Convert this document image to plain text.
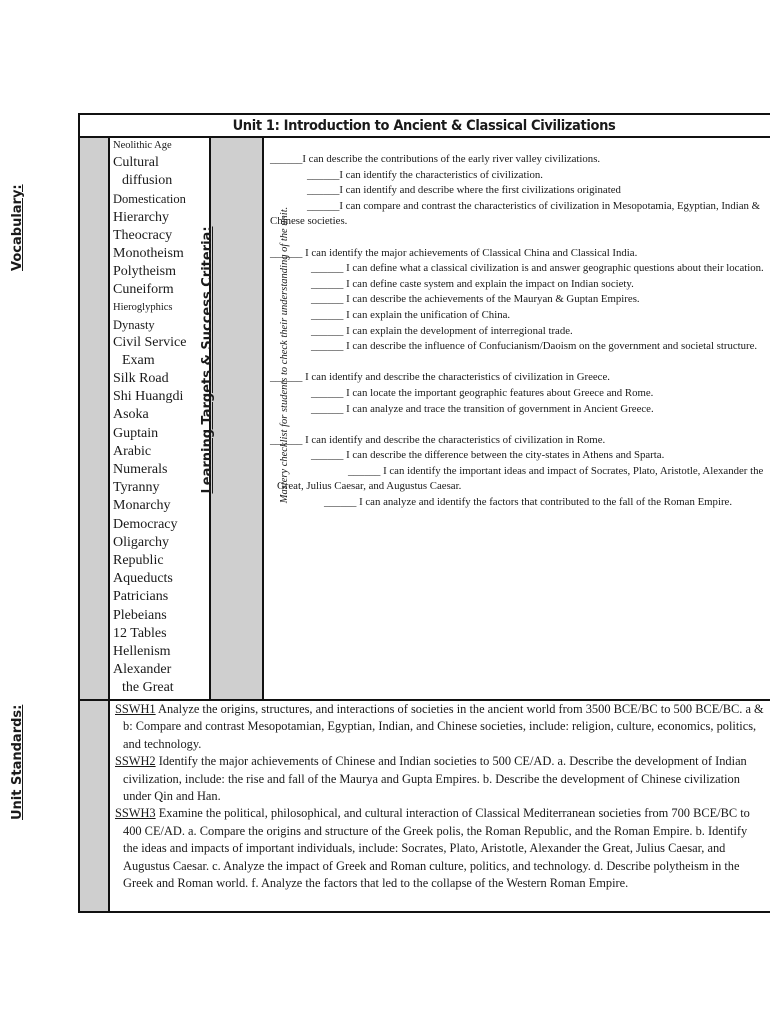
Unit 1: Introduction to Ancient & Classical Civilizations
Vocabulary:	Learning Targets & Success Criteria:	Mastery checklist for students to check their understanding of the unit.
Unit Standards:
Neolithic Age
Cultural
diffusion
Domestication
Hierarchy
Theocracy
Monotheism
Polytheism
Cuneiform
Hieroglyphics
Dynasty
Civil Service
Exam
Silk Road
Shi Huangdi
Asoka
Guptain
Arabic
Numerals
Tyranny
Monarchy
Democracy
Oligarchy
Republic
Aqueducts
Patricians
Plebeians
12 Tables
Hellenism
Alexander
the Great
______I can describe the contributions of the early river valley civilizations.
______I can identify the characteristics of civilization.
______I can identify and describe where the first civilizations originated
______I can compare and contrast the characteristics of civilization in Mesopotamia, Egyptian, Indian & Chinese societies.
______ I can identify the major achievements of Classical China and Classical India.
______ I can define what a classical civilization is and answer geographic questions about their location.
______ I can define caste system and explain the impact on Indian society.
______ I can describe the achievements of the Mauryan & Guptan Empires.
______ I can explain the unification of China.
______ I can explain the development of interregional trade.
______ I can describe the influence of Confucianism/Daoism on the government and societal structure.
______ I can identify and describe the characteristics of civilization in Greece.
______ I can locate the important geographic features about Greece and Rome.
______ I can analyze and trace the transition of government in Ancient Greece.
______ I can identify and describe the characteristics of civilization in Rome.
______ I can describe the difference between the city-states in Athens and Sparta.
______ I can identify the important ideas and impact of Socrates, Plato, Aristotle, Alexander the Great, Julius Caesar, and Augustus Caesar.
______ I can analyze and identify the factors that contributed to the fall of the Roman Empire.

SSWH1 Analyze the origins, structures, and interactions of societies in the ancient world from 3500 BCE/BC to 500 BCE/BC. a & b: Compare and contrast Mesopotamian, Egyptian, Indian, and Chinese societies, include: religion, culture, economics, politics, and technology.

SSWH2 Identify the major achievements of Chinese and Indian societies to 500 CE/AD. a. Describe the development of Indian civilization, include: the rise and fall of the Maurya and Gupta Empires. b. Describe the development of Chinese civilization under Qin and Han.

SSWH3 Examine the political, philosophical, and cultural interaction of Classical Mediterranean societies from 700 BCE/BC to 400 CE/AD. a. Compare the origins and structure of the Greek polis, the Roman Republic, and the Roman Empire. b. Identify the ideas and impacts of important individuals, include: Socrates, Plato, Aristotle, Alexander the Great, Julius Caesar, and Augustus Caesar. c. Analyze the impact of Greek and Roman culture, politics, and technology. d. Describe polytheism in the Greek and Roman world. f. Analyze the factors that led to the collapse of the Western Roman Empire.
